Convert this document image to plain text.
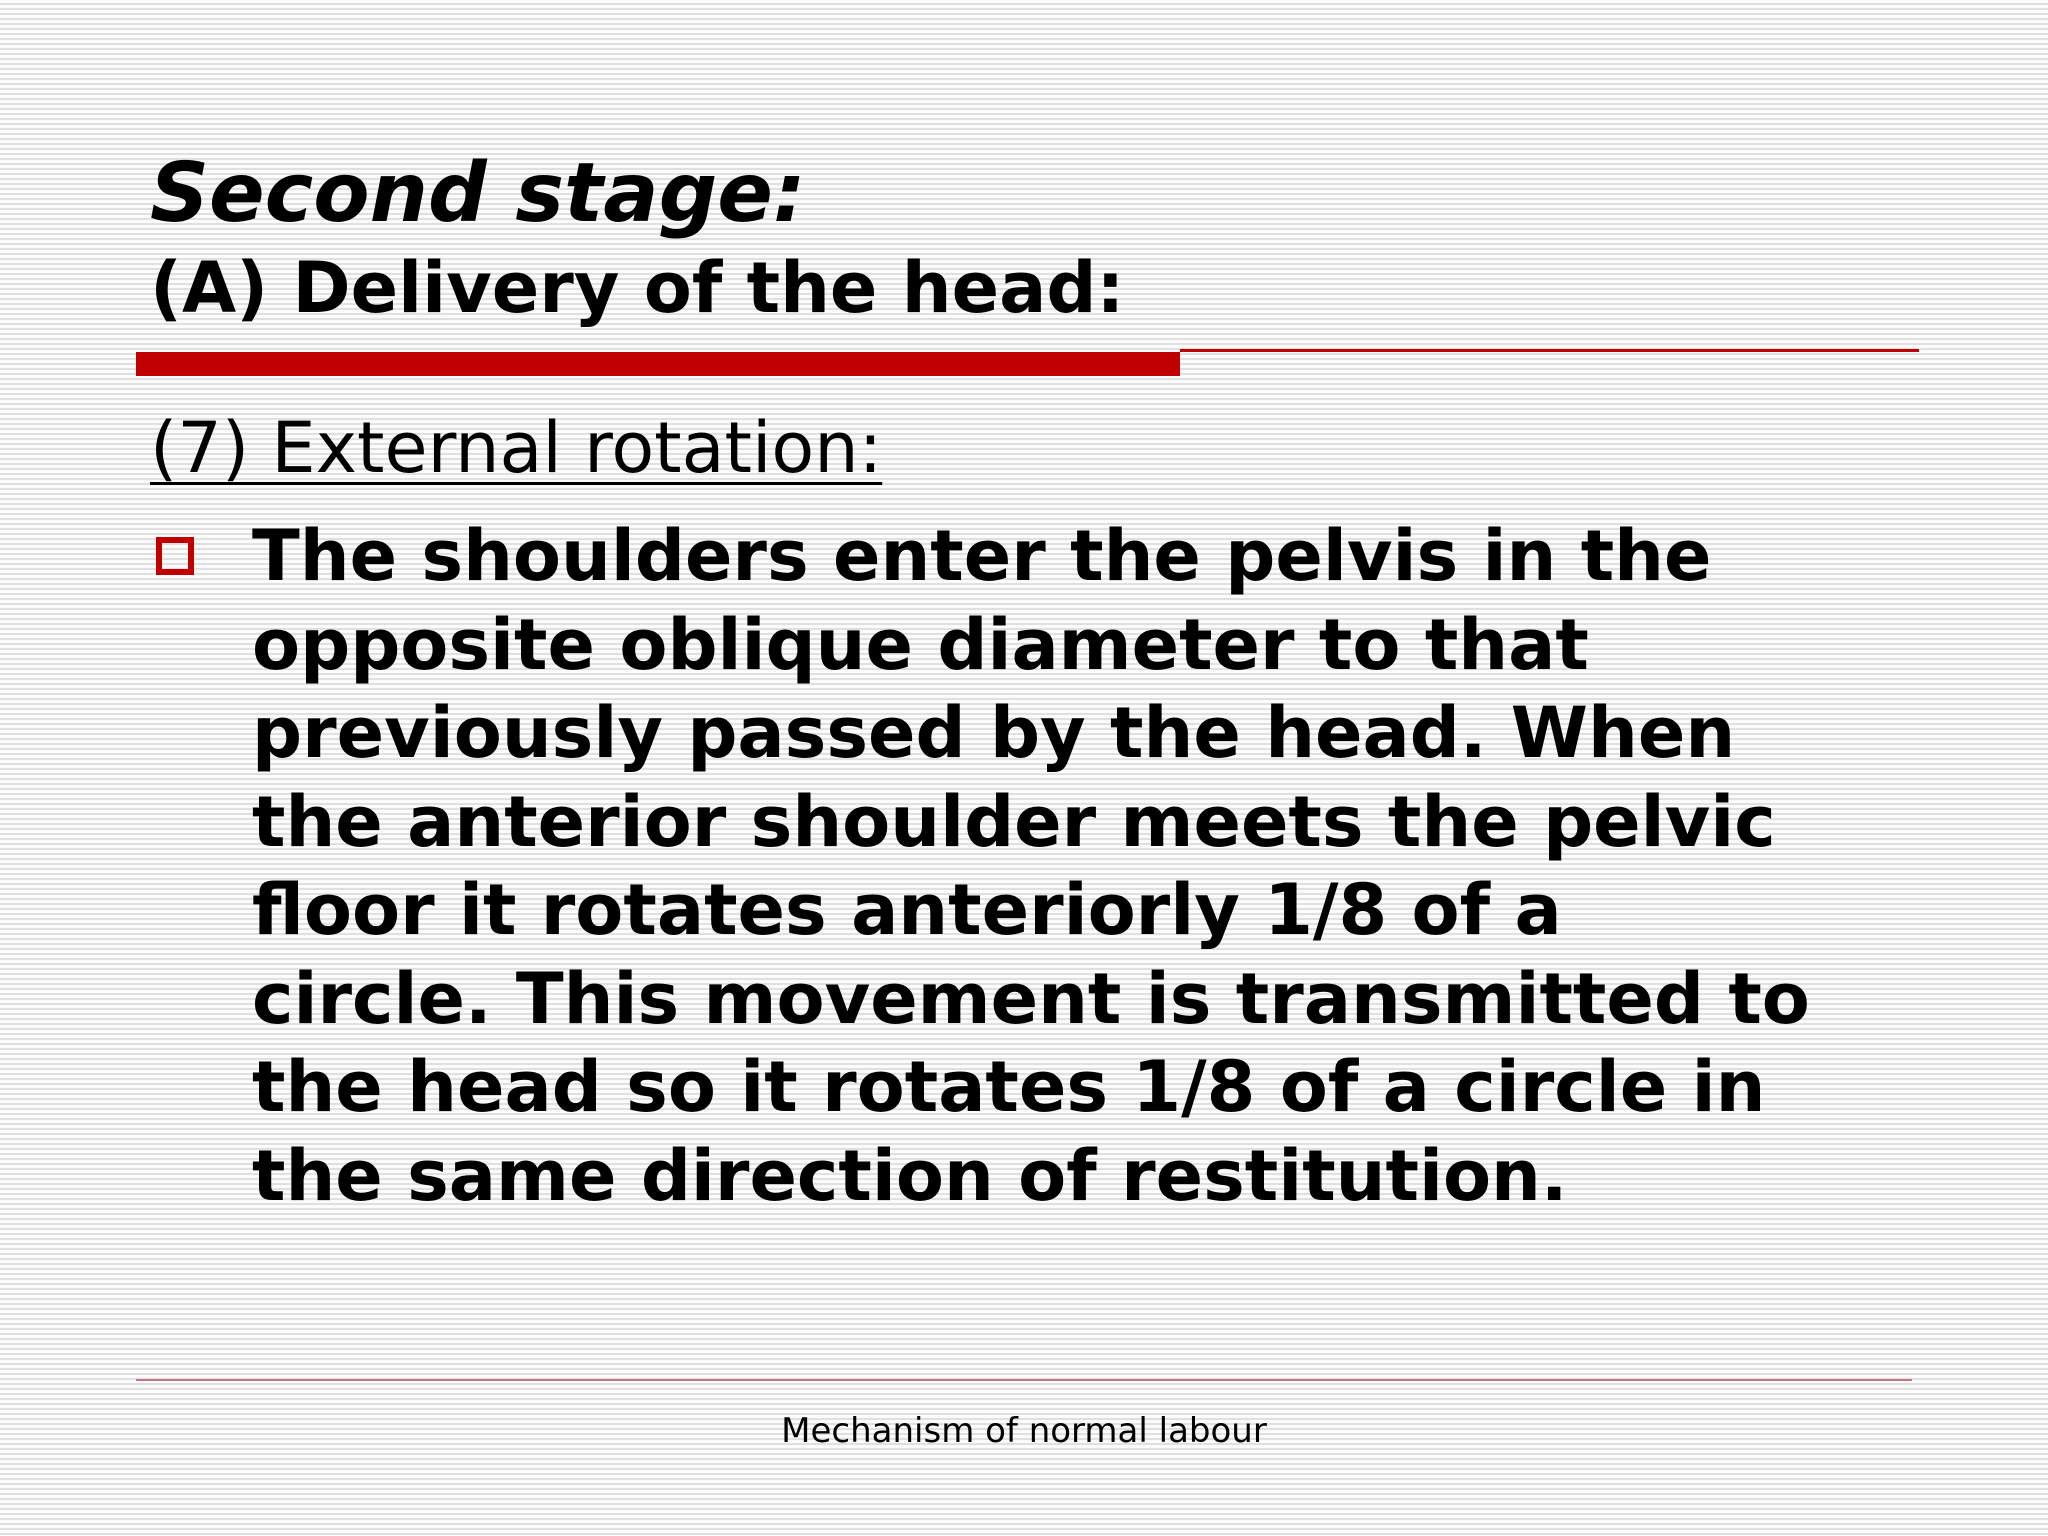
Second stage:
(A) Delivery of the head:

(7) External rotation:

The shoulders enter the pelvis in the
opposite oblique diameter to that
previously passed by the head. When
the anterior shoulder meets the pelvic
floor it rotates anteriorly 1/8 of a
circle. This movement is transmitted to
the head so it rotates 1/8 of a circle in
the same direction of restitution.

Mechanism of normal labour
